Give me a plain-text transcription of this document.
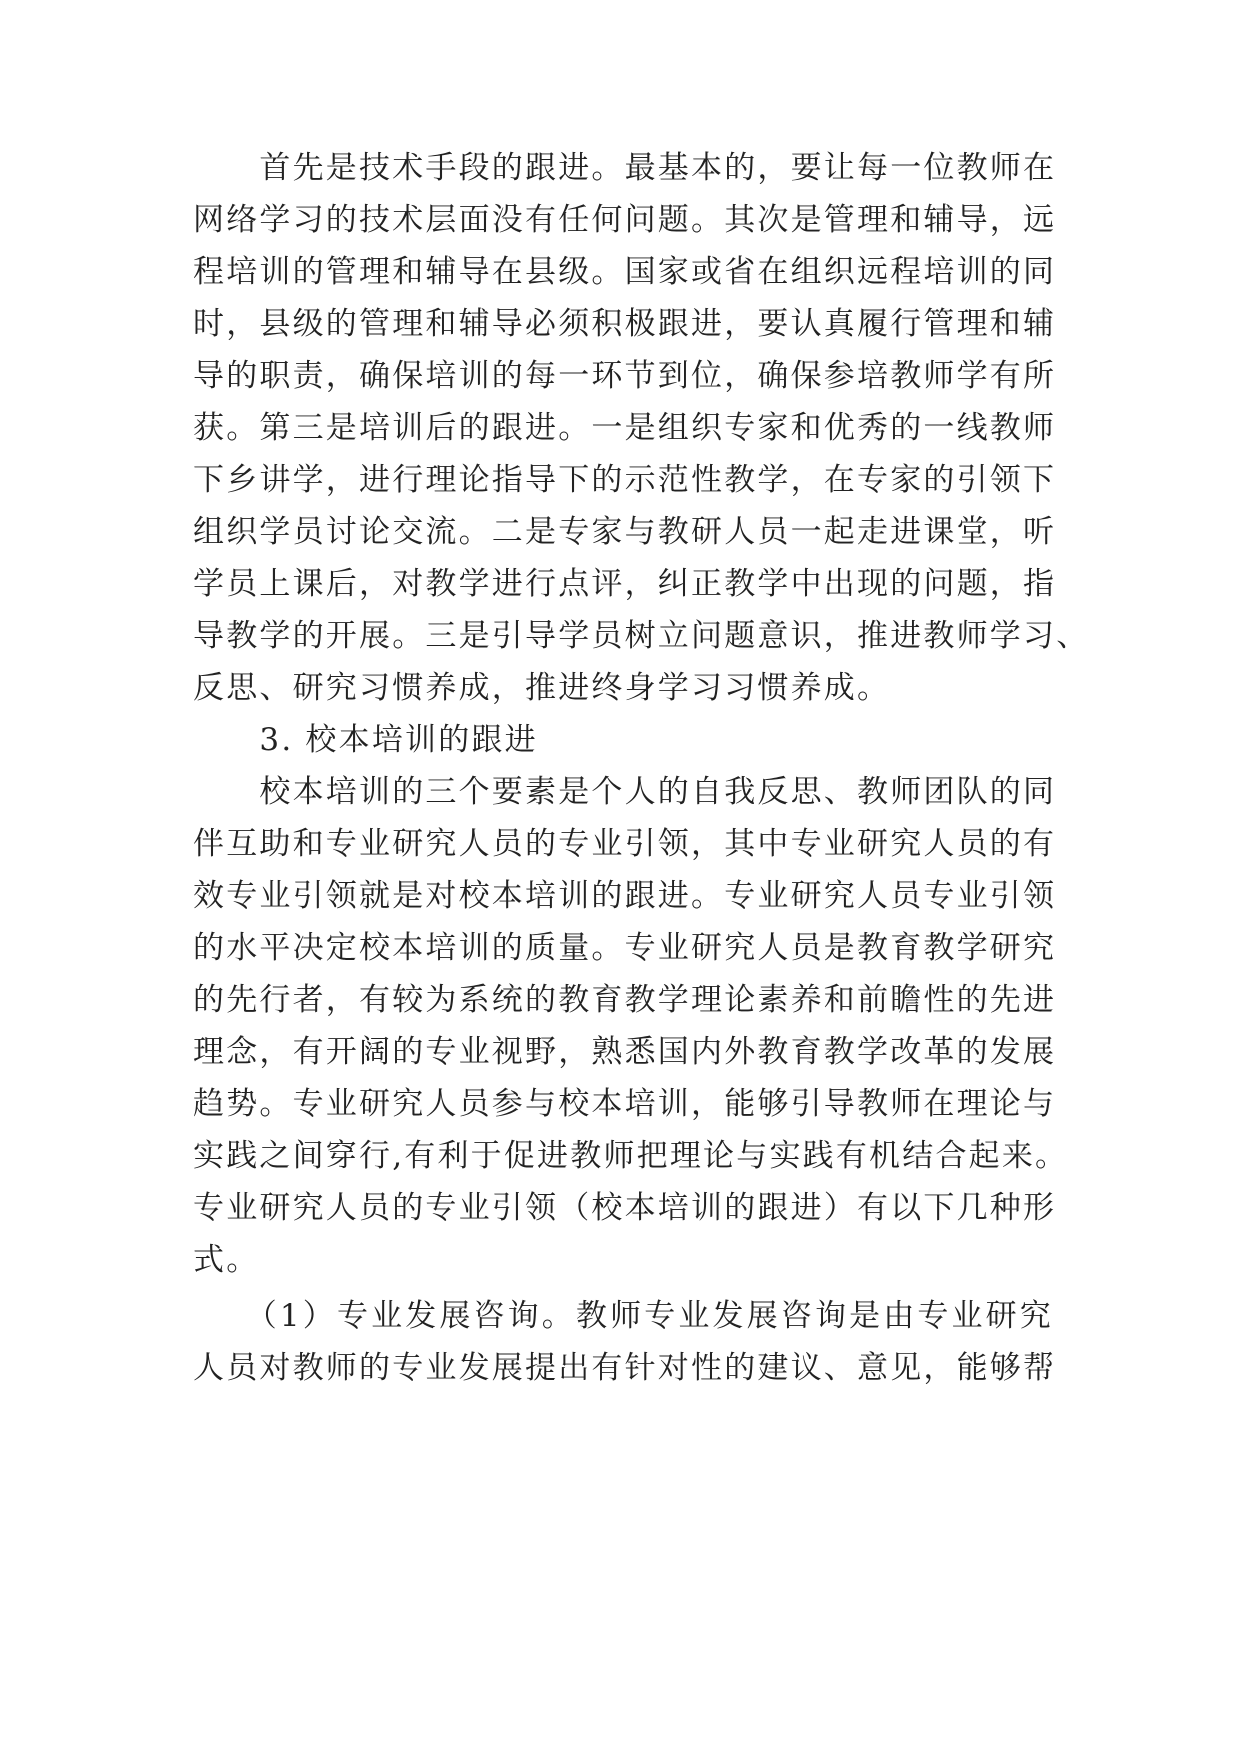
　　首先是技术手段的跟进。最基本的，要让每一位教师在

网络学习的技术层面没有任何问题。其次是管理和辅导，远

程培训的管理和辅导在县级。国家或省在组织远程培训的同

时，县级的管理和辅导必须积极跟进，要认真履行管理和辅

导的职责，确保培训的每一环节到位，确保参培教师学有所

获。第三是培训后的跟进。一是组织专家和优秀的一线教师

下乡讲学，进行理论指导下的示范性教学，在专家的引领下

组织学员讨论交流。二是专家与教研人员一起走进课堂，听

学员上课后，对教学进行点评，纠正教学中出现的问题，指

导教学的开展。三是引导学员树立问题意识，推进教师学习、

反思、研究习惯养成，推进终身学习习惯养成。

　　3. 校本培训的跟进

　　校本培训的三个要素是个人的自我反思、教师团队的同

伴互助和专业研究人员的专业引领，其中专业研究人员的有

效专业引领就是对校本培训的跟进。专业研究人员专业引领

的水平决定校本培训的质量。专业研究人员是教育教学研究

的先行者，有较为系统的教育教学理论素养和前瞻性的先进

理念，有开阔的专业视野，熟悉国内外教育教学改革的发展

趋势。专业研究人员参与校本培训，能够引导教师在理论与

实践之间穿行,有利于促进教师把理论与实践有机结合起来。

专业研究人员的专业引领（校本培训的跟进）有以下几种形

式。

　　（1）专业发展咨询。教师专业发展咨询是由专业研究

人员对教师的专业发展提出有针对性的建议、意见，能够帮
